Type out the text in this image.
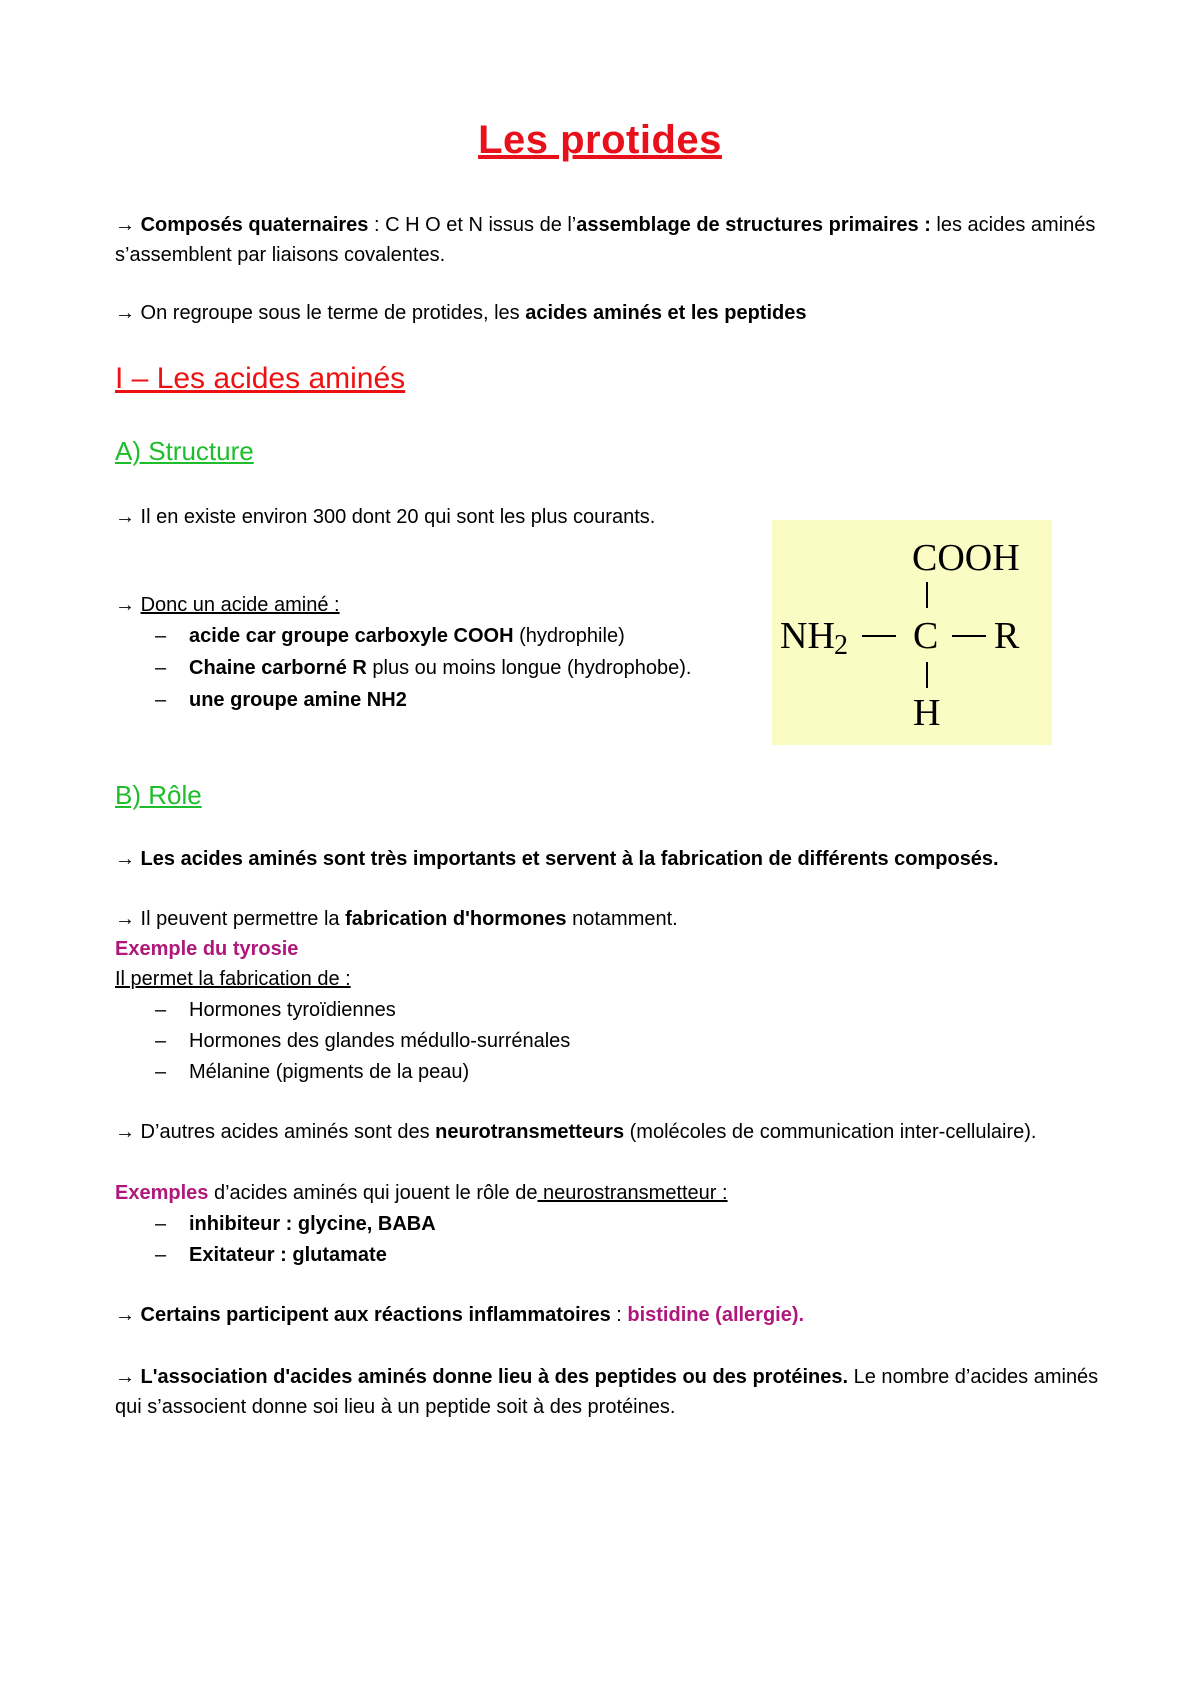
Les protides
→ Composés quaternaires : C H O et N issus de l’assemblage de structures primaires : les acides aminés s’assemblent par liaisons covalentes.
→ On regroupe sous le terme de protides, les acides aminés et les peptides
I – Les acides aminés
A) Structure
→ Il en existe environ 300 dont 20 qui sont les plus courants.
→ Donc un acide aminé :
– acide car groupe carboxyle COOH (hydrophile)
– Chaine carborné R plus ou moins longue (hydrophobe).
– une groupe amine NH2
COOH
NH 2 C R
H
B) Rôle
→ Les acides aminés sont très importants et servent à la fabrication de différents composés.
→ Il peuvent permettre la fabrication d'hormones notamment.
Exemple du tyrosie
Il permet la fabrication de :
– Hormones tyroïdiennes
– Hormones des glandes médullo-surrénales
– Mélanine (pigments de la peau)
→ D’autres acides aminés sont des neurotransmetteurs (molécoles de communication inter-cellulaire).
Exemples d’acides aminés qui jouent le rôle de neurostransmetteur :
– inhibiteur : glycine, BABA
– Exitateur : glutamate
→ Certains participent aux réactions inflammatoires : bistidine (allergie).
→ L'association d'acides aminés donne lieu à des peptides ou des protéines. Le nombre d’acides aminés qui s’associent donne soi lieu à un peptide soit à des protéines.
